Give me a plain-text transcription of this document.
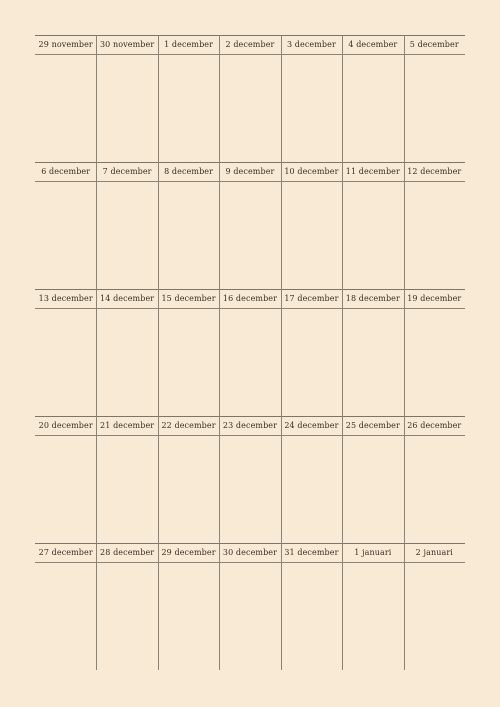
29 november 30 november	1 december	2 december	3 december	4 december	5 december
6 december	7 december	8 december	9 december	10 december 11 december 12 december
13 december 14 december 15 december 16 december 17 december 18 december 19 december
20 december 21 december 22 december 23 december 24 december 25 december 26 december
27 december 28 december 29 december 30 december 31 december	1 januari	2 januari
